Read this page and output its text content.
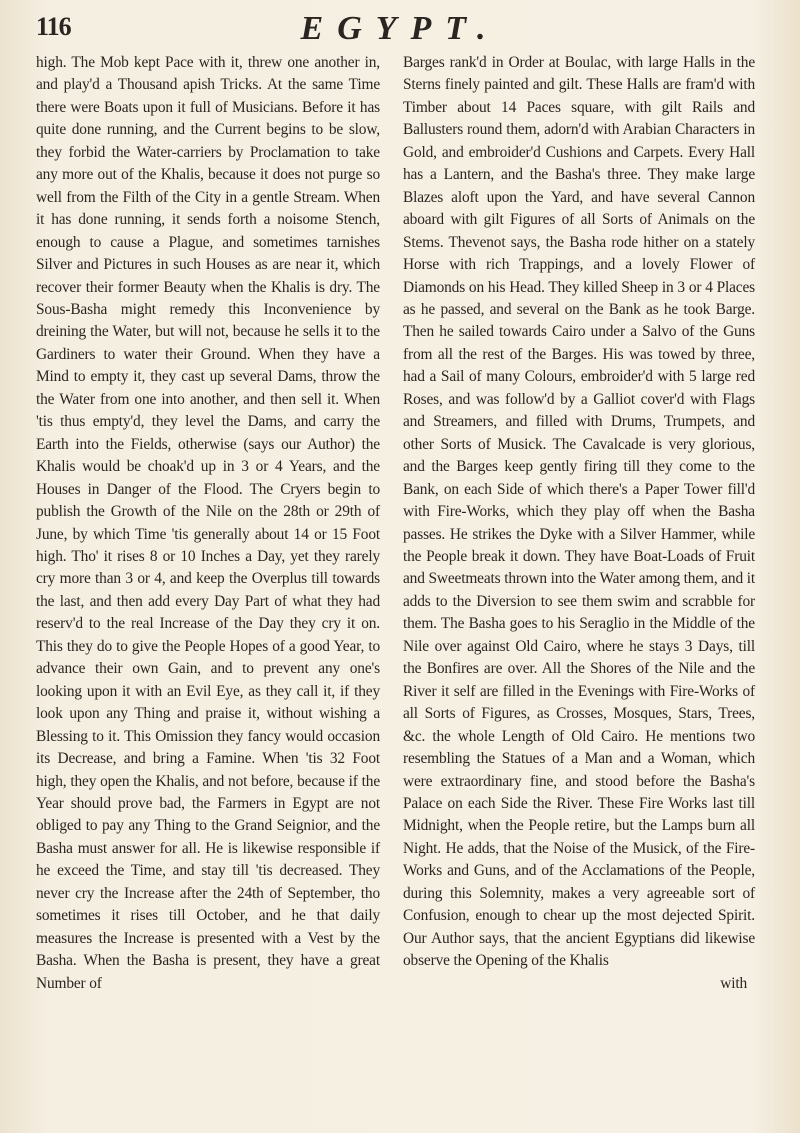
116	EGYPT.

high. The Mob kept Pace with it, threw one another in, and play'd a Thousand apish Tricks. At the same Time there were Boats upon it full of Musicians. Before it has quite done running, and the Current begins to be slow, they forbid the Water-carriers by Proclamation to take any more out of the Khalis, because it does not purge so well from the Filth of the City in a gentle Stream. When it has done running, it sends forth a noisome Stench, enough to cause a Plague, and sometimes tarnishes Silver and Pictures in such Houses as are near it, which recover their former Beauty when the Khalis is dry. The Sous-Basha might remedy this Inconvenience by dreining the Water, but will not, because he sells it to the Gardiners to water their Ground. When they have a Mind to empty it, they cast up several Dams, throw the the Water from one into another, and then sell it. When 'tis thus empty'd, they level the Dams, and carry the Earth into the Fields, otherwise (says our Author) the Khalis would be choak'd up in 3 or 4 Years, and the Houses in Danger of the Flood. The Cryers begin to publish the Growth of the Nile on the 28th or 29th of June, by which Time 'tis generally about 14 or 15 Foot high. Tho' it rises 8 or 10 Inches a Day, yet they rarely cry more than 3 or 4, and keep the Overplus till towards the last, and then add every Day Part of what they had reserv'd to the real Increase of the Day they cry it on. This they do to give the People Hopes of a good Year, to advance their own Gain, and to prevent any one's looking upon it with an Evil Eye, as they call it, if they look upon any Thing and praise it, without wishing a Blessing to it. This Omission they fancy would occasion its Decrease, and bring a Famine. When 'tis 32 Foot high, they open the Khalis, and not before, because if the Year should prove bad, the Farmers in Egypt are not obliged to pay any Thing to the Grand Seignior, and the Basha must answer for all. He is likewise responsible if he exceed the Time, and stay till 'tis decreased. They never cry the Increase after the 24th of September, tho sometimes it rises till October, and he that daily measures the Increase is presented with a Vest by the Basha. When the Basha is present, they have a great Number of

Barges rank'd in Order at Boulac, with large Halls in the Sterns finely painted and gilt. These Halls are fram'd with Timber about 14 Paces square, with gilt Rails and Ballusters round them, adorn'd with Arabian Characters in Gold, and embroider'd Cushions and Carpets. Every Hall has a Lantern, and the Basha's three. They make large Blazes aloft upon the Yard, and have several Cannon aboard with gilt Figures of all Sorts of Animals on the Stems. Thevenot says, the Basha rode hither on a stately Horse with rich Trappings, and a lovely Flower of Diamonds on his Head. They killed Sheep in 3 or 4 Places as he passed, and several on the Bank as he took Barge. Then he sailed towards Cairo under a Salvo of the Guns from all the rest of the Barges. His was towed by three, had a Sail of many Colours, embroider'd with 5 large red Roses, and was follow'd by a Galliot cover'd with Flags and Streamers, and filled with Drums, Trumpets, and other Sorts of Musick. The Cavalcade is very glorious, and the Barges keep gently firing till they come to the Bank, on each Side of which there's a Paper Tower fill'd with Fire-Works, which they play off when the Basha passes. He strikes the Dyke with a Silver Hammer, while the People break it down. They have Boat-Loads of Fruit and Sweetmeats thrown into the Water among them, and it adds to the Diversion to see them swim and scrabble for them. The Basha goes to his Seraglio in the Middle of the Nile over against Old Cairo, where he stays 3 Days, till the Bonfires are over. All the Shores of the Nile and the River it self are filled in the Evenings with Fire-Works of all Sorts of Figures, as Crosses, Mosques, Stars, Trees, &c. the whole Length of Old Cairo. He mentions two resembling the Statues of a Man and a Woman, which were extraordinary fine, and stood before the Basha's Palace on each Side the River. These Fire Works last till Midnight, when the People retire, but the Lamps burn all Night. He adds, that the Noise of the Musick, of the Fire-Works and Guns, and of the Acclamations of the People, during this Solemnity, makes a very agreeable sort of Confusion, enough to chear up the most dejected Spirit. Our Author says, that the ancient Egyptians did likewise observe the Opening of the Khalis

with
